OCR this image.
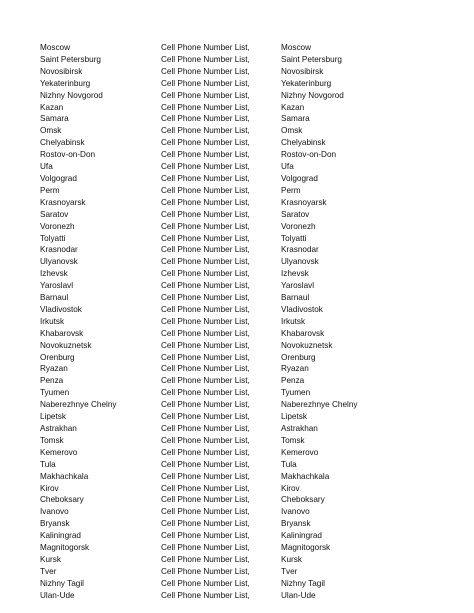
Moscow	Cell Phone Number List,	Moscow
Saint Petersburg	Cell Phone Number List,	Saint Petersburg
Novosibirsk	Cell Phone Number List,	Novosibirsk
Yekaterinburg	Cell Phone Number List,	Yekaterinburg
Nizhny Novgorod	Cell Phone Number List,	Nizhny Novgorod
Kazan	Cell Phone Number List,	Kazan
Samara	Cell Phone Number List,	Samara
Omsk	Cell Phone Number List,	Omsk
Chelyabinsk	Cell Phone Number List,	Chelyabinsk
Rostov-on-Don	Cell Phone Number List,	Rostov-on-Don
Ufa	Cell Phone Number List,	Ufa
Volgograd	Cell Phone Number List,	Volgograd
Perm	Cell Phone Number List,	Perm
Krasnoyarsk	Cell Phone Number List,	Krasnoyarsk
Saratov	Cell Phone Number List,	Saratov
Voronezh	Cell Phone Number List,	Voronezh
Tolyatti	Cell Phone Number List,	Tolyatti
Krasnodar	Cell Phone Number List,	Krasnodar
Ulyanovsk	Cell Phone Number List,	Ulyanovsk
Izhevsk	Cell Phone Number List,	Izhevsk
Yaroslavl	Cell Phone Number List,	Yaroslavl
Barnaul	Cell Phone Number List,	Barnaul
Vladivostok	Cell Phone Number List,	Vladivostok
Irkutsk	Cell Phone Number List,	Irkutsk
Khabarovsk	Cell Phone Number List,	Khabarovsk
Novokuznetsk	Cell Phone Number List,	Novokuznetsk
Orenburg	Cell Phone Number List,	Orenburg
Ryazan	Cell Phone Number List,	Ryazan
Penza	Cell Phone Number List,	Penza
Tyumen	Cell Phone Number List,	Tyumen
Naberezhnye Chelny	Cell Phone Number List,	Naberezhnye Chelny
Lipetsk	Cell Phone Number List,	Lipetsk
Astrakhan	Cell Phone Number List,	Astrakhan
Tomsk	Cell Phone Number List,	Tomsk
Kemerovo	Cell Phone Number List,	Kemerovo
Tula	Cell Phone Number List,	Tula
Makhachkala	Cell Phone Number List,	Makhachkala
Kirov	Cell Phone Number List,	Kirov
Cheboksary	Cell Phone Number List,	Cheboksary
Ivanovo	Cell Phone Number List,	Ivanovo
Bryansk	Cell Phone Number List,	Bryansk
Kaliningrad	Cell Phone Number List,	Kaliningrad
Magnitogorsk	Cell Phone Number List,	Magnitogorsk
Kursk	Cell Phone Number List,	Kursk
Tver	Cell Phone Number List,	Tver
Nizhny Tagil	Cell Phone Number List,	Nizhny Tagil
Ulan-Ude	Cell Phone Number List,	Ulan-Ude
